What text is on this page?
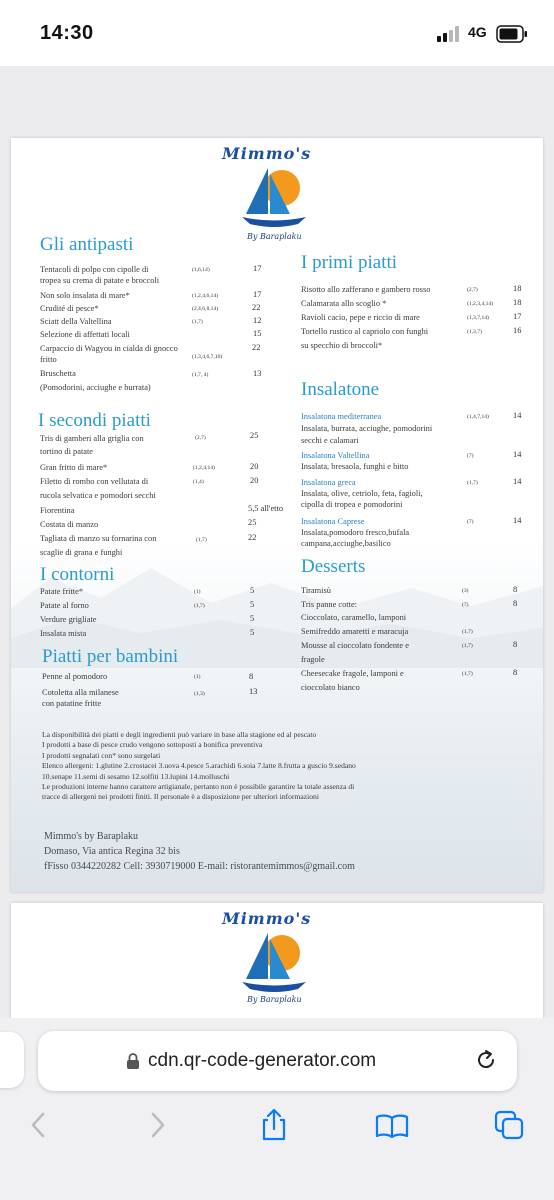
14:30	4G
Mimmo's
By Baraplaku
Gli antipasti
Tentacoli di polpo con cipolle di
tropea su crema di patate e broccoli
(1,6,14)	17
Non solo insalata di mare*	(1,2,4,6,14)	17
Crudité di pesce*	(2,4,6,8,14)	22
Sciatt della Valtellina	(1,7)	12
Selezione di affettati locali	15
Carpaccio di Wagyou in cialda di gnocco
fritto	(1,3,4,6,7,10)
22
Bruschetta
(Pomodorini, acciughe e burrata)
(1,7, 4)	13
I secondi piatti
Tris di gamberi alla griglia con
tortino di patate
(2,7)	25
Gran fritto di mare*	(1,2,4,14)	20
Filetto di rombo con vellutata di
rucola selvatica e pomodori secchi
(1,4)	20
Fiorentina	5,5 all'etto
Costata di manzo	25
Tagliata di manzo su fornarina con
scaglie di grana e funghi
(1,7)	22
I contorni
Patate fritte*	(1)	5
Patate al forno	(1,7)	5
Verdure grigliate	5
Insalata mista	5
Piatti per bambini
Penne al pomodoro	(1)	8
Cotoletta alla milanese
con patatine fritte
(1,3)	13
I primi piatti
Risotto allo zafferano e gambero rosso	(2,7)	18
Calamarata allo scoglio *	(1,2,3,4,14) 18
Ravioli cacio, pepe e riccio di mare	(1,3,7,14)	17
Tortello rustico al capriolo con funghi
su specchio di broccoli*
(1,3,7)	16
Insalatone
Insalatona mediterranea
Insalata, burrata, acciughe, pomodorini
secchi e calamari
(1,4,7,14)	14
Insalatona Valtellina
Insalata, bresaola, funghi e bitto
(7)	14
Insalatona greca
Insalata, olive, cetriolo, feta, fagioli,
cipolla di tropea e pomodorini
(1,7)	14
Insalatona Caprese
Insalata,pomodoro fresco,bufala
campana,acciughe,basilico
(7)	14
Desserts
Tiramisù	(3)	8
Tris panne cotte:
Cioccolato, caramello, lamponi
(7)	8
Semifreddo amaretti e maracuja	(1,7)
Mousse al cioccolato fondente e
fragole
(1,7)	8
Cheesecake fragole, lamponi e
cioccolato bianco
(1,7)	8
La disponibilità dei piatti e degli ingredienti può variare in base alla stagione ed al pescato
I prodotti a base di pesce crudo vengono sottoposti a bonifica preventiva
I prodotti segnalati con* sono surgelati
Elenco allergeni: 1.glutine 2.crostacei 3.uova 4.pesce 5.arachidi 6.soia 7.latte 8.frutta a guscio 9.sedano
10.senape 11.semi di sesamo 12.solfiti 13.lupini 14.molluschi
Le produzioni interne hanno carattere artigianale, pertanto non è possibile garantire la totale assenza di
tracce di allergeni nei prodotti finiti. Il personale è a disposizione per ulteriori informazioni
Mimmo's by Baraplaku
Domaso, Via antica Regina 32 bis
fFisso 0344220282 Cell: 3930719000 E-mail: ristorantemimmos@gmail.com
Mimmo's
By Baraplaku
cdn.qr-code-generator.com
